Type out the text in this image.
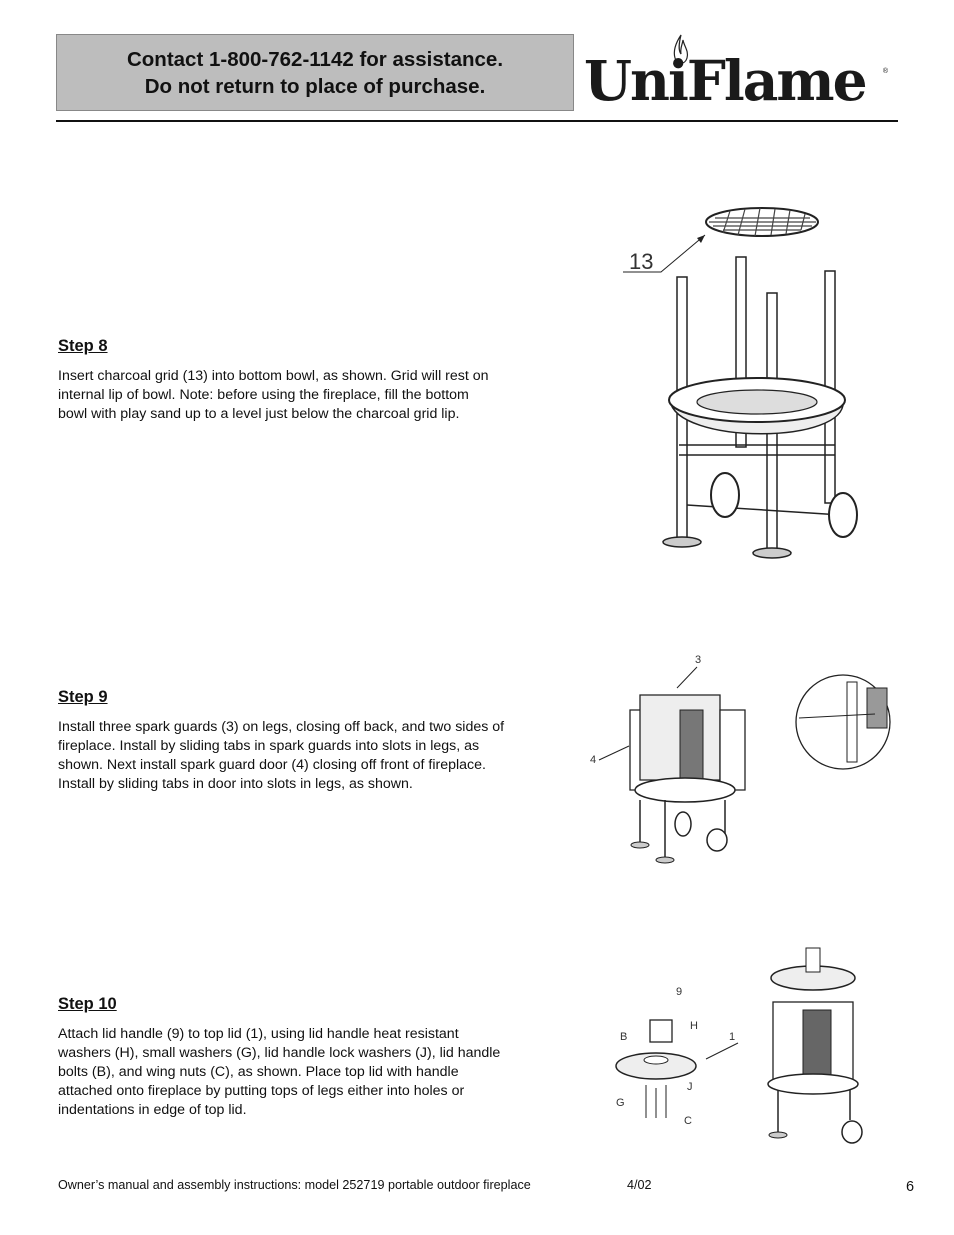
Contact 1-800-762-1142 for assistance.
Do not return to place of purchase. UniFlame ®
Step 8
Insert charcoal grid (13) into bottom bowl, as shown. Grid will rest on
internal lip of bowl. Note: before using the fireplace, fill the bottom
bowl with play sand up to a level just below the charcoal grid lip.
13
Step 9
Install three spark guards (3) on legs, closing off back, and two sides of
fireplace. Install by sliding tabs in spark guards into slots in legs, as
shown. Next install spark guard door (4) closing off front of fireplace.
Install by sliding tabs in door into slots in legs, as shown.
3
4
Step 10
Attach lid handle (9) to top lid (1), using lid handle heat resistant
washers (H), small washers (G), lid handle lock washers (J), lid handle
bolts (B), and wing nuts (C), as shown. Place top lid with handle
attached onto fireplace by putting tops of legs either into holes or
indentations in edge of top lid.
9
B
H
1
J
G
C
Owner’s manual and assembly instructions: model 252719 portable outdoor fireplace	4/02	6
